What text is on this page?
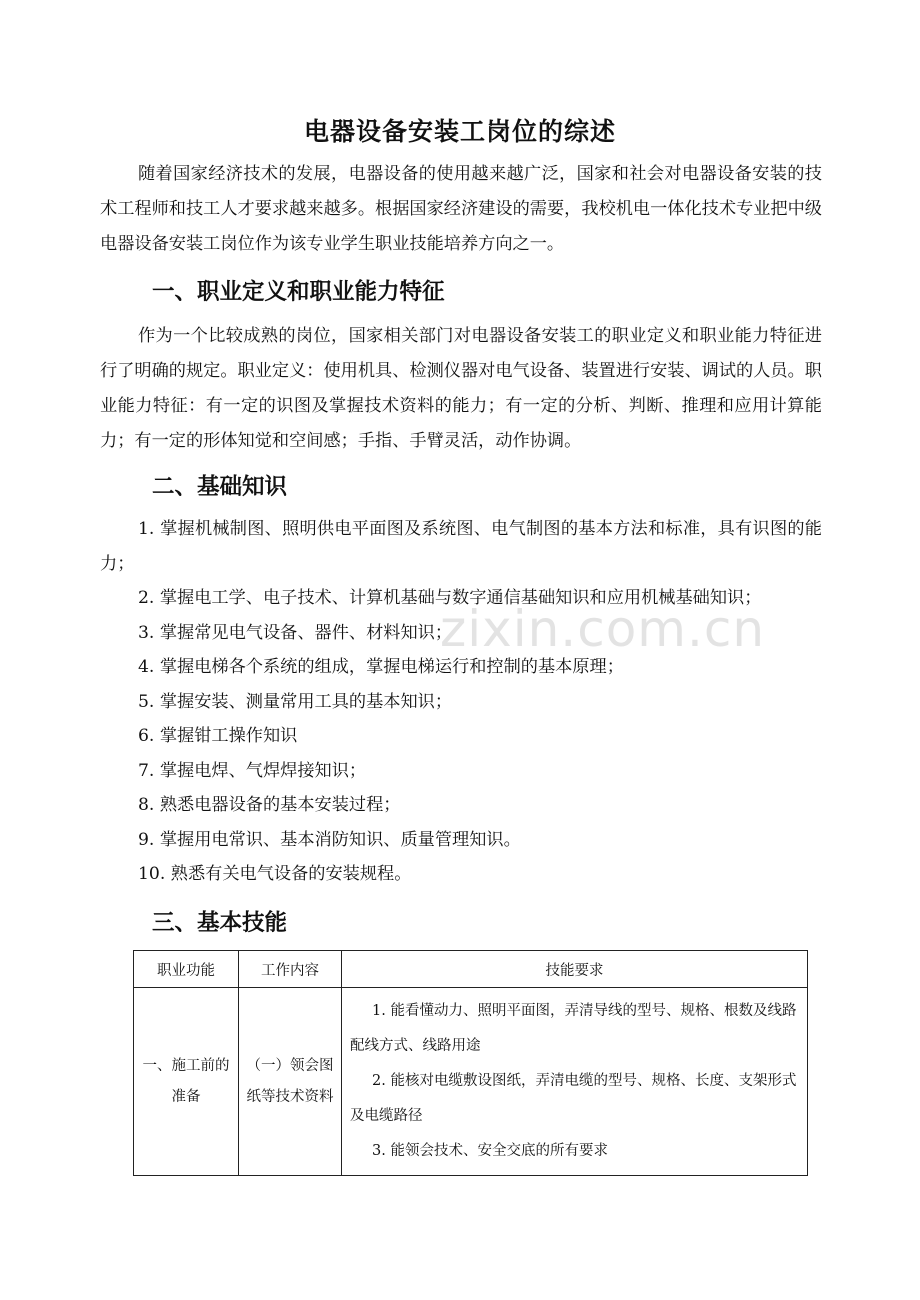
zixin.com.cn
电器设备安装工岗位的综述
随着国家经济技术的发展，电器设备的使用越来越广泛，国家和社会对电器设备安装的技术工程师和技工人才要求越来越多。根据国家经济建设的需要，我校机电一体化技术专业把中级电器设备安装工岗位作为该专业学生职业技能培养方向之一。
一、职业定义和职业能力特征
作为一个比较成熟的岗位，国家相关部门对电器设备安装工的职业定义和职业能力特征进行了明确的规定。职业定义：使用机具、检测仪器对电气设备、装置进行安装、调试的人员。职业能力特征：有一定的识图及掌握技术资料的能力；有一定的分析、判断、推理和应用计算能力；有一定的形体知觉和空间感；手指、手臂灵活，动作协调。
二、基础知识
1. 掌握机械制图、照明供电平面图及系统图、电气制图的基本方法和标准，具有识图的能力；
2. 掌握电工学、电子技术、计算机基础与数字通信基础知识和应用机械基础知识；
3. 掌握常见电气设备、器件、材料知识；
4. 掌握电梯各个系统的组成，掌握电梯运行和控制的基本原理；
5. 掌握安装、测量常用工具的基本知识；
6. 掌握钳工操作知识
7. 掌握电焊、气焊焊接知识；
8. 熟悉电器设备的基本安装过程；
9. 掌握用电常识、基本消防知识、质量管理知识。
10. 熟悉有关电气设备的安装规程。
三、基本技能
职业功能	工作内容	技能要求
一、施工前的准备	（一）领会图纸等技术资料	1. 能看懂动力、照明平面图，弄清导线的型号、规格、根数及线路配线方式、线路用途
2. 能核对电缆敷设图纸，弄清电缆的型号、规格、长度、支架形式及电缆路径
3. 能领会技术、安全交底的所有要求
